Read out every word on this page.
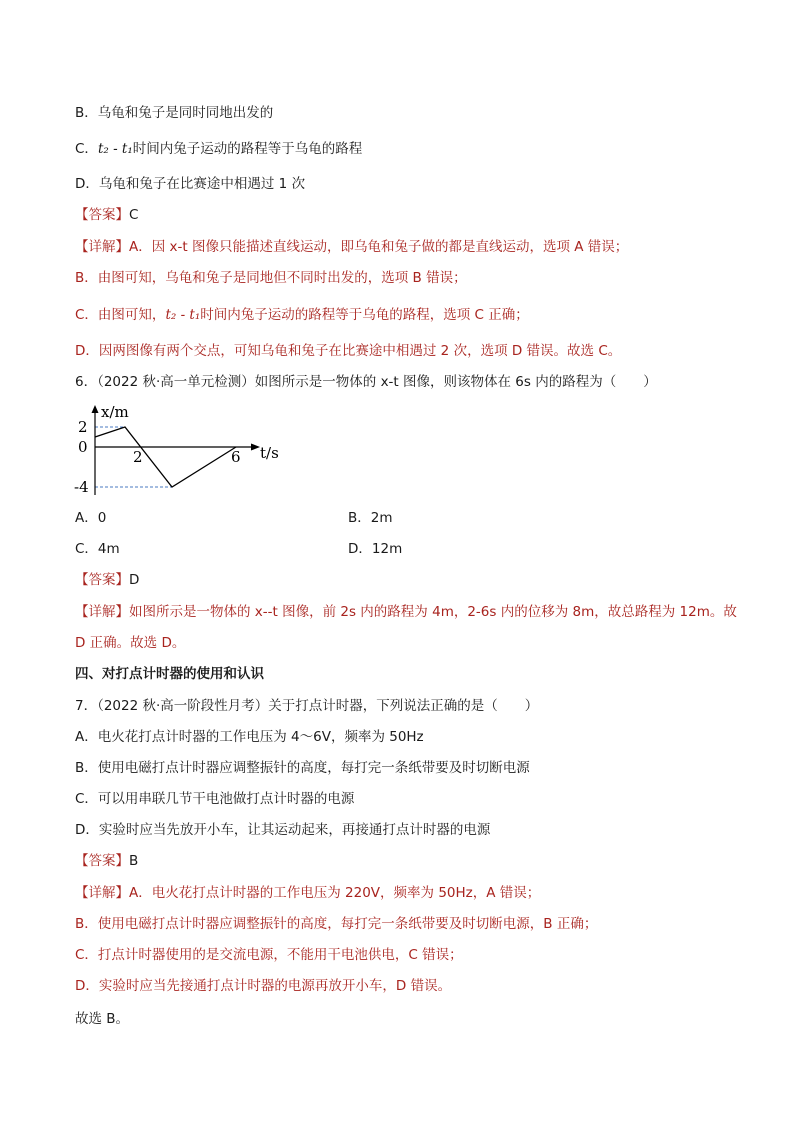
B．乌龟和兔子是同时同地出发的
C．t₂ - t₁时间内兔子运动的路程等于乌龟的路程
D．乌龟和兔子在比赛途中相遇过 1 次
【答案】C
【详解】A．因 x-t 图像只能描述直线运动，即乌龟和兔子做的都是直线运动，选项 A 错误；
B．由图可知，乌龟和兔子是同地但不同时出发的，选项 B 错误；
C．由图可知，t₂ - t₁时间内兔子运动的路程等于乌龟的路程，选项 C 正确；
D．因两图像有两个交点，可知乌龟和兔子在比赛途中相遇过 2 次，选项 D 错误。故选 C。
6．（2022 秋·高一单元检测）如图所示是一物体的 x-t 图像，则该物体在 6s 内的路程为（　　）
x/m
t/s
2
0
-4
2	6
A．0	B．2m
C．4m	D．12m
【答案】D
【详解】如图所示是一物体的 x--t 图像，前 2s 内的路程为 4m，2-6s 内的位移为 8m，故总路程为 12m。故
D 正确。故选 D。
四、对打点计时器的使用和认识
7．（2022 秋·高一阶段性月考）关于打点计时器，下列说法正确的是（　　）
A．电火花打点计时器的工作电压为 4～6V，频率为 50Hz
B．使用电磁打点计时器应调整振针的高度，每打完一条纸带要及时切断电源
C．可以用串联几节干电池做打点计时器的电源
D．实验时应当先放开小车，让其运动起来，再接通打点计时器的电源
【答案】B
【详解】A．电火花打点计时器的工作电压为 220V，频率为 50Hz，A 错误；
B．使用电磁打点计时器应调整振针的高度，每打完一条纸带要及时切断电源，B 正确；
C．打点计时器使用的是交流电源，不能用干电池供电，C 错误；
D．实验时应当先接通打点计时器的电源再放开小车，D 错误。
故选 B。
